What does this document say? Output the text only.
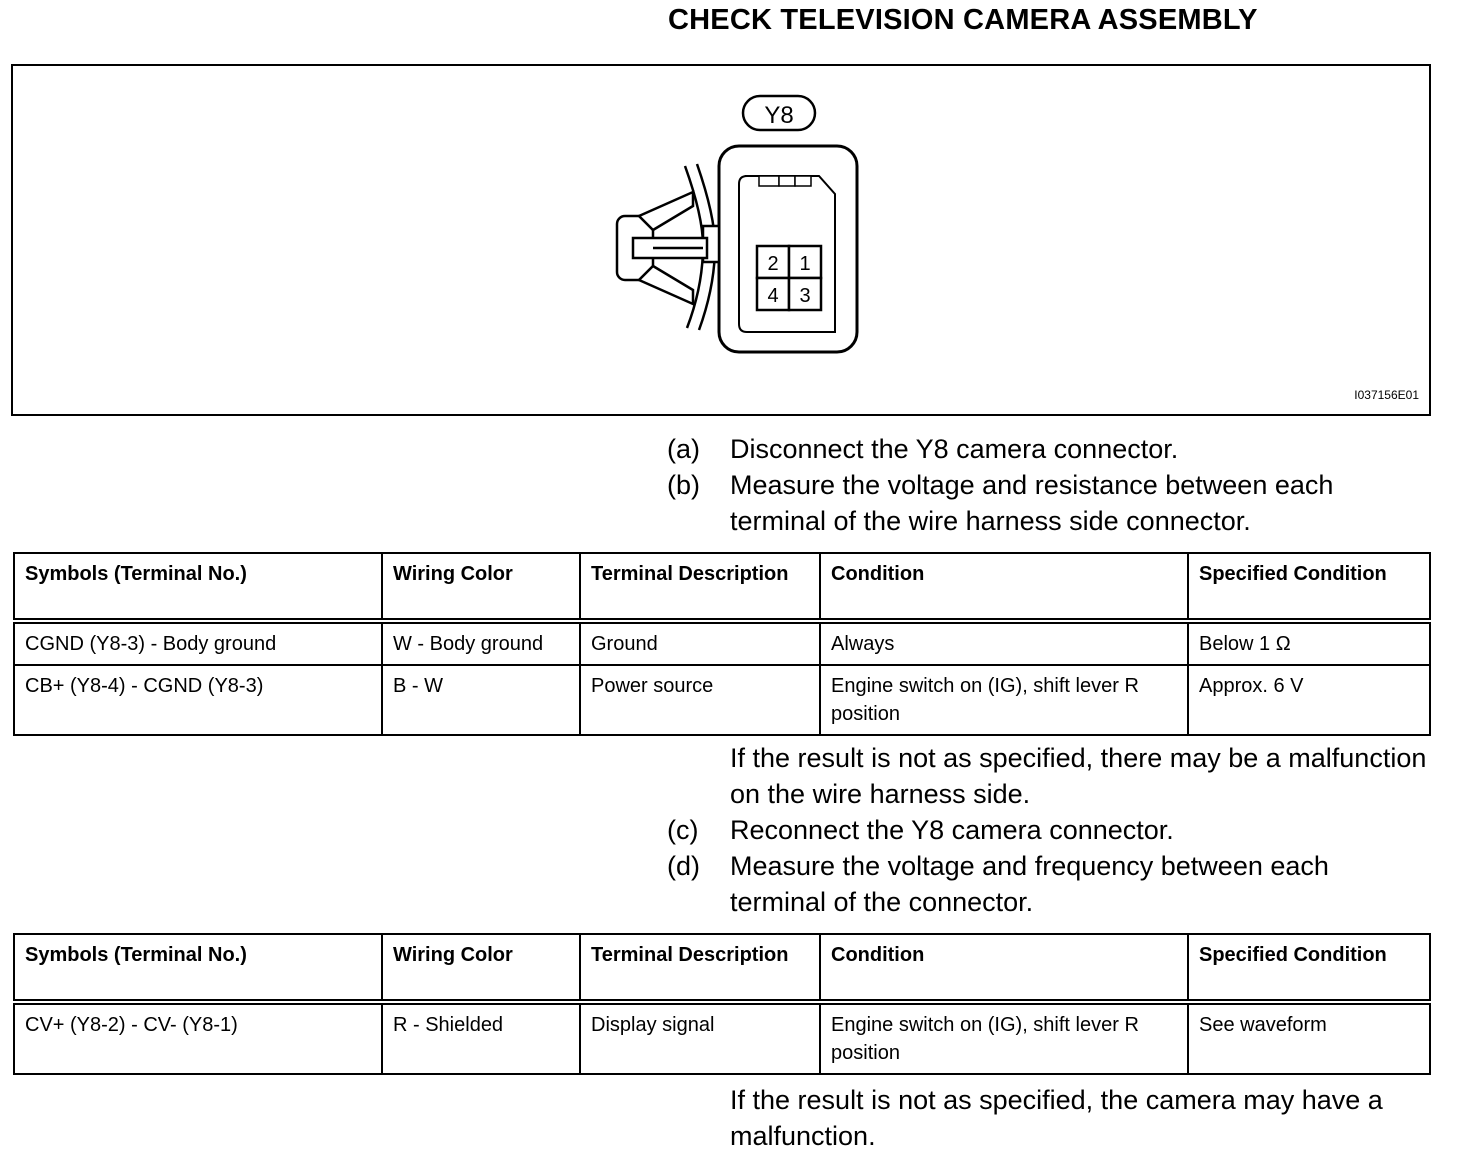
CHECK TELEVISION CAMERA ASSEMBLY
Y8
2 1
4 3
I037156E01
(a)	Disconnect the Y8 camera connector.
(b)	Measure the voltage and resistance between each terminal of the wire harness side connector.
Symbols (Terminal No.)	Wiring Color	Terminal Description	Condition	Specified Condition
CGND (Y8-3) - Body ground	W - Body ground	Ground	Always	Below 1 Ω
CB+ (Y8-4) - CGND (Y8-3)	B - W	Power source	Engine switch on (IG), shift lever R position	Approx. 6 V
If the result is not as specified, there may be a malfunction on the wire harness side.
(c)	Reconnect the Y8 camera connector.
(d)	Measure the voltage and frequency between each terminal of the connector.
Symbols (Terminal No.)	Wiring Color	Terminal Description	Condition	Specified Condition
CV+ (Y8-2) - CV- (Y8-1)	R - Shielded	Display signal	Engine switch on (IG), shift lever R position	See waveform
If the result is not as specified, the camera may have a malfunction.
